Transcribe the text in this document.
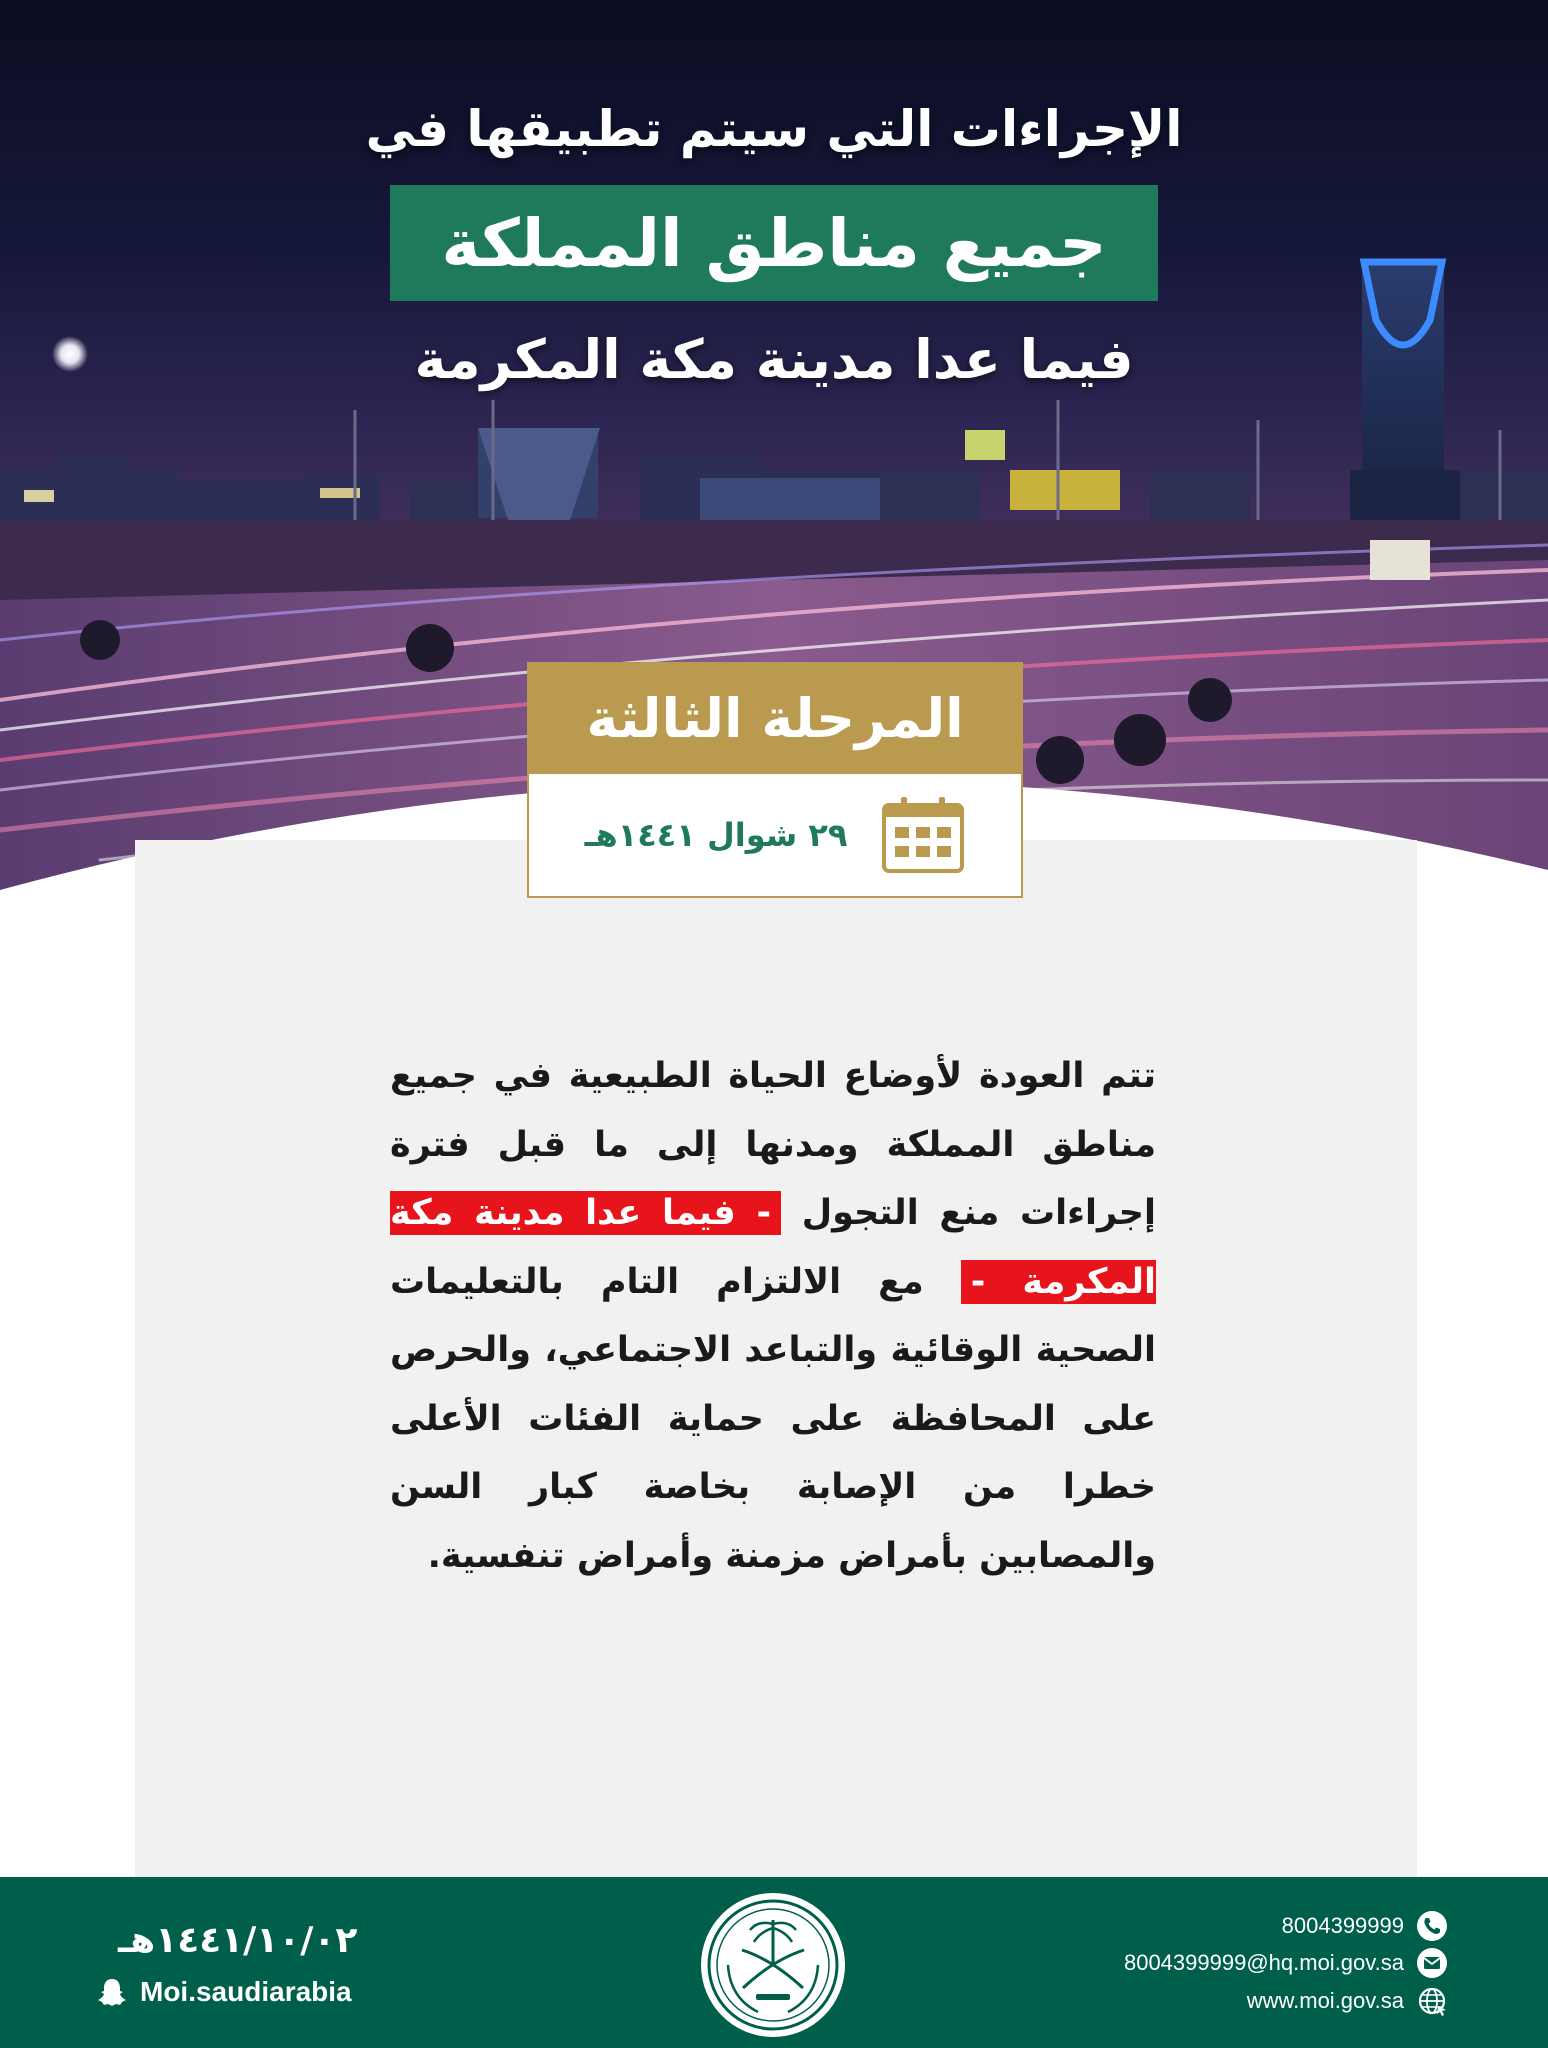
الإجراءات التي سيتم تطبيقها في
جميع مناطق المملكة
فيما عدا مدينة مكة المكرمة
المرحلة الثالثة
٢٩ شوال ١٤٤١هـ
تتم العودة لأوضاع الحياة الطبيعية في جميع مناطق المملكة ومدنها إلى ما قبل فترة إجراءات منع التجول - فيما عدا مدينة مكة المكرمة - مع الالتزام التام بالتعليمات الصحية الوقائية والتباعد الاجتماعي، والحرص على المحافظة على حماية الفئات الأعلى خطرا من الإصابة بخاصة كبار السن والمصابين بأمراض مزمنة وأمراض تنفسية.
١٤٤١/١٠/٠٢هـ
Moi.saudiarabia
8004399999
8004399999@hq.moi.gov.sa
www.moi.gov.sa
